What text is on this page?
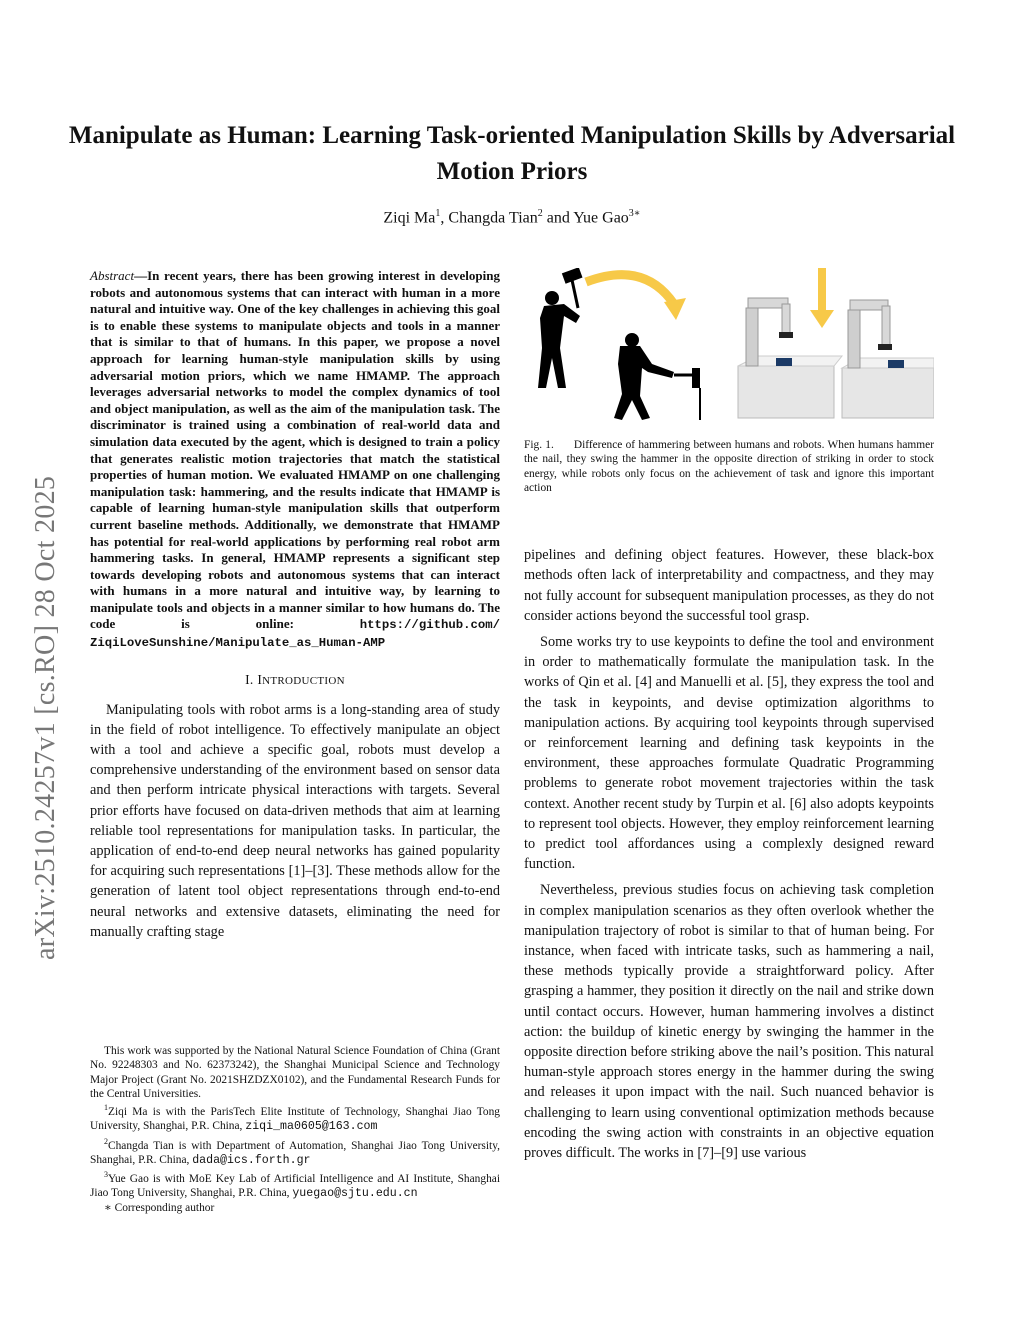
Manipulate as Human: Learning Task-oriented Manipulation Skills by Adversarial Motion Priors
Ziqi Ma$^1$, Changda Tian$^2$ and Yue Gao$^{3∗}$
arXiv:2510.24257v1 [cs.RO] 28 Oct 2025

Abstract—In recent years, there has been growing interest in developing robots and autonomous systems that can interact with human in a more natural and intuitive way. One of the key challenges in achieving this goal is to enable these systems to manipulate objects and tools in a manner that is similar to that of humans. In this paper, we propose a novel approach for learning human-style manipulation skills by using adversarial motion priors, which we name HMAMP. The approach leverages adversarial networks to model the complex dynamics of tool and object manipulation, as well as the aim of the manipulation task. The discriminator is trained using a combination of real-world data and simulation data executed by the agent, which is designed to train a policy that generates realistic motion trajectories that match the statistical properties of human motion. We evaluated HMAMP on one challenging manipulation task: hammering, and the results indicate that HMAMP is capable of learning human-style manipulation skills that outperform current baseline methods. Additionally, we demonstrate that HMAMP has potential for real-world applications by performing real robot arm hammering tasks. In general, HMAMP represents a significant step towards developing robots and autonomous systems that can interact with humans in a more natural and intuitive way, by learning to manipulate tools and objects in a manner similar to how humans do. The code is online: https://github.com/ ZiqiLoveSunshine/Manipulate_as_Human-AMP

I. INTRODUCTION

Manipulating tools with robot arms is a long-standing area of study in the field of robot intelligence. To effectively manipulate an object with a tool and achieve a specific goal, robots must develop a comprehensive understanding of the environment based on sensor data and then perform intricate physical interactions with targets. Several prior efforts have focused on data-driven methods that aim at learning reliable tool representations for manipulation tasks. In particular, the application of end-to-end deep neural networks has gained popularity for acquiring such representations [1]–[3]. These methods allow for the generation of latent tool object representations through end-to-end neural networks and extensive datasets, eliminating the need for manually crafting stage

This work was supported by the National Natural Science Foundation of China (Grant No. 92248303 and No. 62373242), the Shanghai Municipal Science and Technology Major Project (Grant No. 2021SHZDZX0102), and the Fundamental Research Funds for the Central Universities.

$^1$Ziqi Ma is with the ParisTech Elite Institute of Technology, Shanghai Jiao Tong University, Shanghai, P.R. China, ziqi_ma0605@163.com

$^2$Changda Tian is with Department of Automation, Shanghai Jiao Tong University, Shanghai, P.R. China, dada@ics.forth.gr

$^3$Yue Gao is with MoE Key Lab of Artificial Intelligence and AI Institute, Shanghai Jiao Tong University, Shanghai, P.R. China, yuegao@sjtu.edu.cn

∗ Corresponding author

Fig. 1. Difference of hammering between humans and robots. When humans hammer the nail, they swing the hammer in the opposite direction of striking in order to stock energy, while robots only focus on the achievement of task and ignore this important action

pipelines and defining object features. However, these black-box methods often lack of interpretability and compactness, and they may not fully account for subsequent manipulation processes, as they do not consider actions beyond the successful tool grasp.

Some works try to use keypoints to define the tool and environment in order to mathematically formulate the manipulation task. In the works of Qin et al. [4] and Manuelli et al. [5], they express the tool and the task in keypoints, and devise optimization algorithms to manipulation actions. By acquiring tool keypoints through supervised or reinforcement learning and defining task keypoints in the environment, these approaches formulate Quadratic Programming problems to generate robot movement trajectories within the task context. Another recent study by Turpin et al. [6] also adopts keypoints to represent tool objects. However, they employ reinforcement learning to predict tool affordances using a complexly designed reward function.

Nevertheless, previous studies focus on achieving task completion in complex manipulation scenarios as they often overlook whether the manipulation trajectory of robot is similar to that of human being. For instance, when faced with intricate tasks, such as hammering a nail, these methods typically provide a straightforward policy. After grasping a hammer, they position it directly on the nail and strike down until contact occurs. However, human hammering involves a distinct action: the buildup of kinetic energy by swinging the hammer in the opposite direction before striking above the nail’s position. This natural human-style approach stores energy in the hammer during the swing and releases it upon impact with the nail. Such nuanced behavior is challenging to learn using conventional optimization methods because encoding the swing action with constraints in an objective equation proves difficult. The works in [7]–[9] use various
